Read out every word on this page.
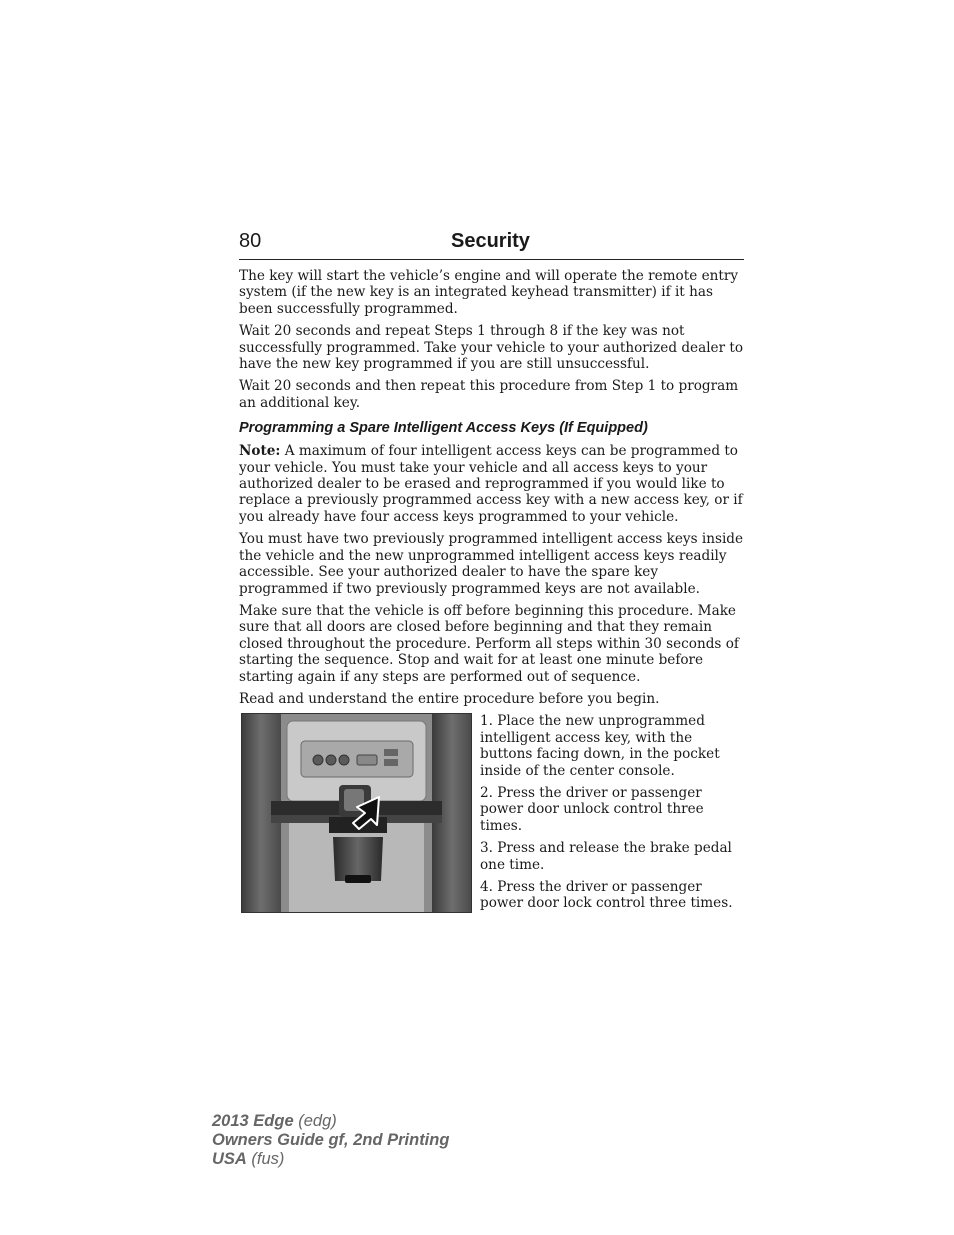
80	Security

The key will start the vehicle’s engine and will operate the remote entry system (if the new key is an integrated keyhead transmitter) if it has been successfully programmed.

Wait 20 seconds and repeat Steps 1 through 8 if the key was not successfully programmed. Take your vehicle to your authorized dealer to have the new key programmed if you are still unsuccessful.

Wait 20 seconds and then repeat this procedure from Step 1 to program an additional key.

Programming a Spare Intelligent Access Keys (If Equipped)

Note: A maximum of four intelligent access keys can be programmed to your vehicle. You must take your vehicle and all access keys to your authorized dealer to be erased and reprogrammed if you would like to replace a previously programmed access key with a new access key, or if you already have four access keys programmed to your vehicle.

You must have two previously programmed intelligent access keys inside the vehicle and the new unprogrammed intelligent access keys readily accessible. See your authorized dealer to have the spare key programmed if two previously programmed keys are not available.

Make sure that the vehicle is off before beginning this procedure. Make sure that all doors are closed before beginning and that they remain closed throughout the procedure. Perform all steps within 30 seconds of starting the sequence. Stop and wait for at least one minute before starting again if any steps are performed out of sequence.

Read and understand the entire procedure before you begin.

1. Place the new unprogrammed intelligent access key, with the buttons facing down, in the pocket inside of the center console.

2. Press the driver or passenger power door unlock control three times.

3. Press and release the brake pedal one time.

4. Press the driver or passenger power door lock control three times.

2013 Edge (edg)
Owners Guide gf, 2nd Printing
USA (fus)
